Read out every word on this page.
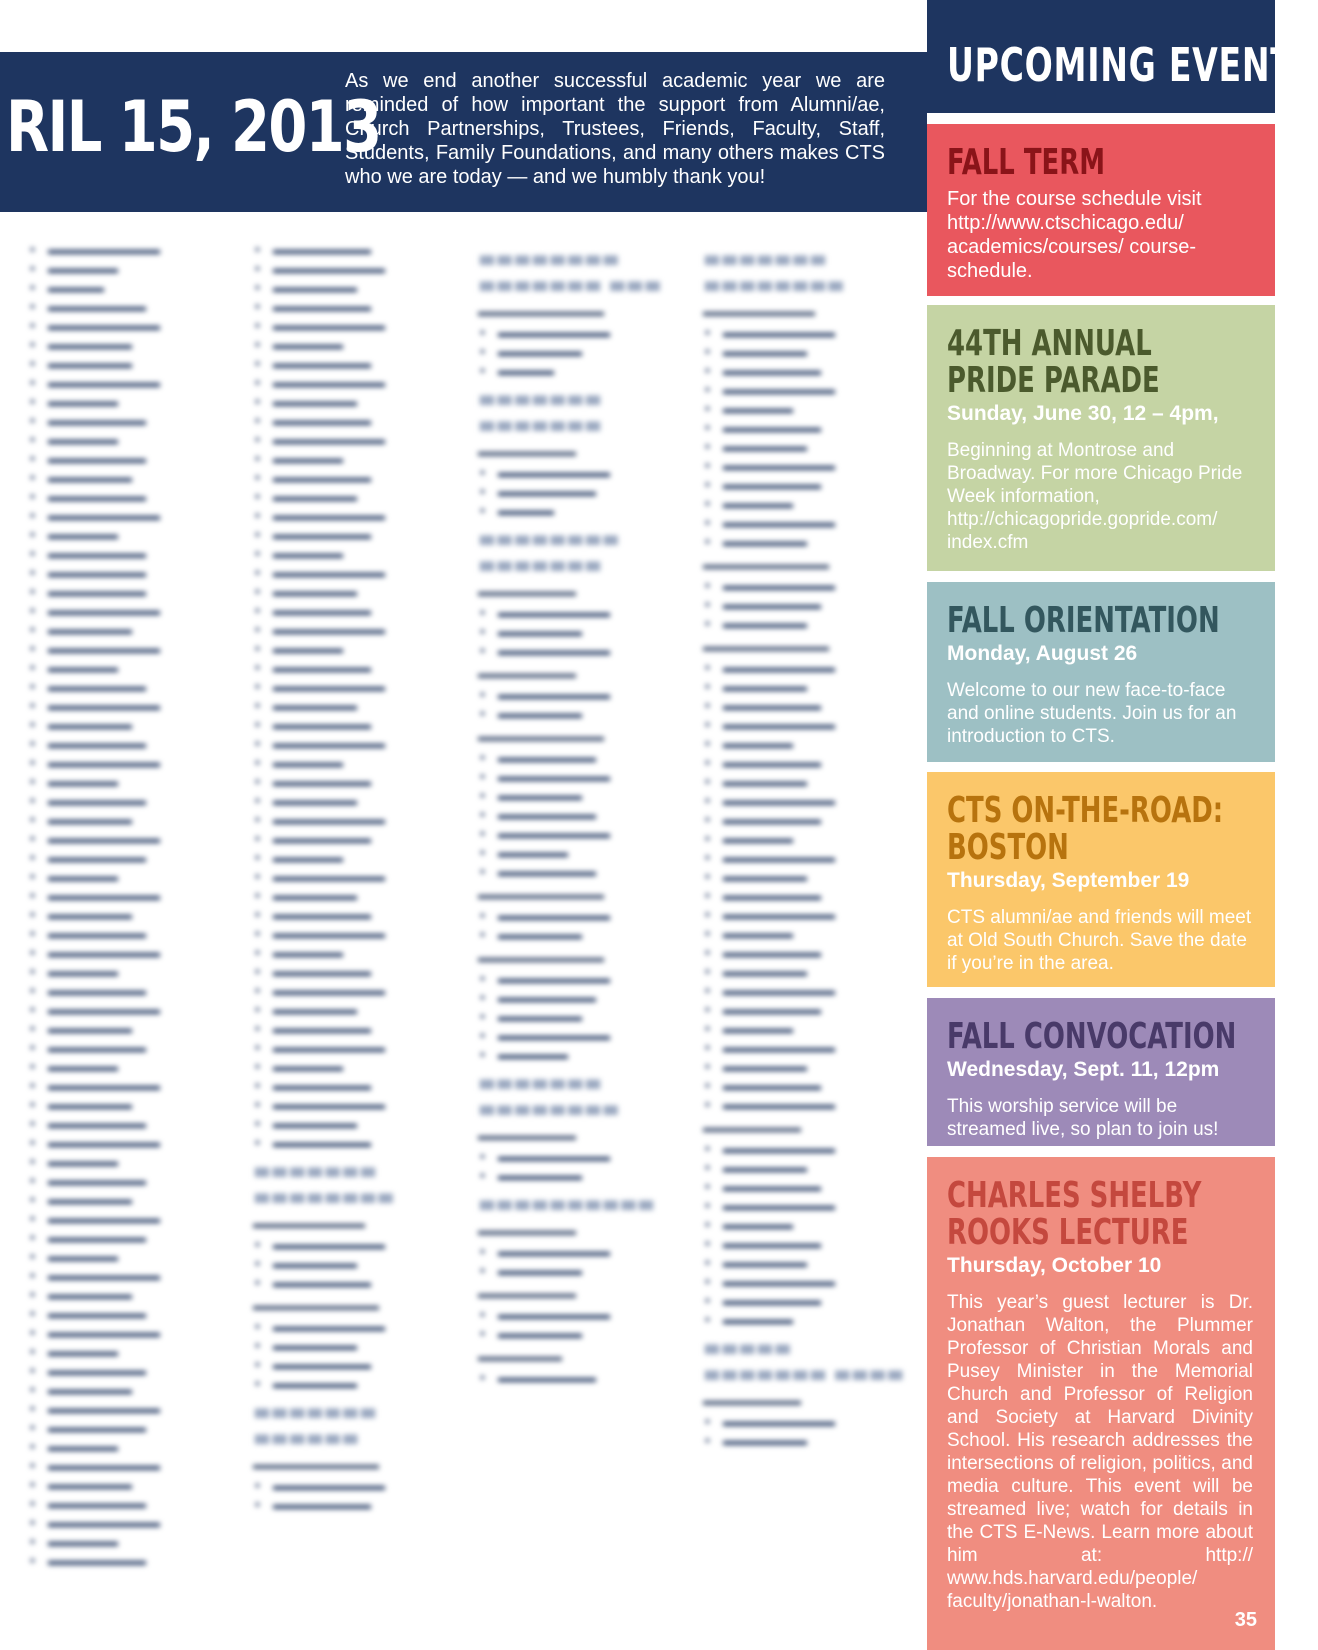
RIL 15, 2013
As we end another successful academic year we are reminded of how important the support from Alumni/ae, Church Partnerships, Trustees, Friends, Faculty, Staff, Students, Family Foundations, and many others makes CTS who we are today — and we humbly thank you!
• ▬▬▬▬▬▬▬▬
• ▬▬▬▬▬
• ▬▬▬▬
• ▬▬▬▬▬▬▬
• ▬▬▬▬▬▬▬▬
• ▬▬▬▬▬▬
• ▬▬▬▬▬▬
• ▬▬▬▬▬▬▬▬
• ▬▬▬▬▬
• ▬▬▬▬▬▬▬
• ▬▬▬▬▬
• ▬▬▬▬▬▬▬
• ▬▬▬▬▬▬
• ▬▬▬▬▬▬▬
• ▬▬▬▬▬▬▬▬
• ▬▬▬▬▬
• ▬▬▬▬▬▬▬
• ▬▬▬▬▬▬▬
• ▬▬▬▬▬▬▬
• ▬▬▬▬▬▬▬▬
• ▬▬▬▬▬▬
• ▬▬▬▬▬▬▬▬
• ▬▬▬▬▬
• ▬▬▬▬▬▬▬
• ▬▬▬▬▬▬▬▬
• ▬▬▬▬▬▬
• ▬▬▬▬▬▬▬
• ▬▬▬▬▬▬▬▬
• ▬▬▬▬▬
• ▬▬▬▬▬▬▬
• ▬▬▬▬▬▬
• ▬▬▬▬▬▬▬▬
• ▬▬▬▬▬▬▬
• ▬▬▬▬▬
• ▬▬▬▬▬▬▬▬
• ▬▬▬▬▬▬
• ▬▬▬▬▬▬▬
• ▬▬▬▬▬▬▬▬
• ▬▬▬▬▬
• ▬▬▬▬▬▬▬
• ▬▬▬▬▬▬▬▬
• ▬▬▬▬▬▬
• ▬▬▬▬▬▬▬
• ▬▬▬▬▬
• ▬▬▬▬▬▬▬▬
• ▬▬▬▬▬▬
• ▬▬▬▬▬▬▬
• ▬▬▬▬▬▬▬▬
• ▬▬▬▬▬
• ▬▬▬▬▬▬▬
• ▬▬▬▬▬▬
• ▬▬▬▬▬▬▬▬
• ▬▬▬▬▬▬▬
• ▬▬▬▬▬
• ▬▬▬▬▬▬▬▬
• ▬▬▬▬▬▬
• ▬▬▬▬▬▬▬
• ▬▬▬▬▬▬▬▬
• ▬▬▬▬▬
• ▬▬▬▬▬▬▬
• ▬▬▬▬▬▬
• ▬▬▬▬▬▬▬▬
• ▬▬▬▬▬▬▬
• ▬▬▬▬▬
• ▬▬▬▬▬▬▬▬
• ▬▬▬▬▬▬
• ▬▬▬▬▬▬▬
• ▬▬▬▬▬▬▬▬
• ▬▬▬▬▬
• ▬▬▬▬▬▬▬
• ▬▬▬▬▬▬▬
• ▬▬▬▬▬▬▬▬
• ▬▬▬▬▬▬
• ▬▬▬▬▬▬▬
• ▬▬▬▬▬▬▬▬
• ▬▬▬▬▬
• ▬▬▬▬▬▬▬
• ▬▬▬▬▬▬▬▬
• ▬▬▬▬▬▬
• ▬▬▬▬▬▬▬
• ▬▬▬▬▬▬▬▬
• ▬▬▬▬▬
• ▬▬▬▬▬▬▬
• ▬▬▬▬▬▬
• ▬▬▬▬▬▬▬▬
• ▬▬▬▬▬▬▬
• ▬▬▬▬▬
• ▬▬▬▬▬▬▬▬
• ▬▬▬▬▬▬
• ▬▬▬▬▬▬▬
• ▬▬▬▬▬▬▬▬
• ▬▬▬▬▬
• ▬▬▬▬▬▬▬
• ▬▬▬▬▬▬▬▬
• ▬▬▬▬▬▬
• ▬▬▬▬▬▬▬
• ▬▬▬▬▬▬▬▬
• ▬▬▬▬▬
• ▬▬▬▬▬▬▬
• ▬▬▬▬▬▬
• ▬▬▬▬▬▬▬▬
• ▬▬▬▬▬▬▬
• ▬▬▬▬▬
• ▬▬▬▬▬▬▬▬
• ▬▬▬▬▬▬
• ▬▬▬▬▬▬▬
• ▬▬▬▬▬▬▬▬
• ▬▬▬▬▬
• ▬▬▬▬▬▬▬
• ▬▬▬▬▬▬▬▬
• ▬▬▬▬▬▬
• ▬▬▬▬▬▬▬
• ▬▬▬▬▬▬▬▬
• ▬▬▬▬▬
• ▬▬▬▬▬▬▬
• ▬▬▬▬▬▬▬▬
• ▬▬▬▬▬▬
• ▬▬▬▬▬▬▬
▬▬▬▬▬▬▬ ▬▬▬▬▬▬▬▬
▬▬▬▬▬▬▬▬
• ▬▬▬▬▬▬▬▬
• ▬▬▬▬▬▬
• ▬▬▬▬▬▬▬
▬▬▬▬▬▬▬▬▬
• ▬▬▬▬▬▬▬▬
• ▬▬▬▬▬▬
• ▬▬▬▬▬▬▬
• ▬▬▬▬▬▬
▬▬▬▬▬▬▬ ▬▬▬▬▬▬
▬▬▬▬▬▬▬▬▬
• ▬▬▬▬▬▬▬▬
• ▬▬▬▬▬▬▬
▬▬▬▬▬▬▬▬ ▬▬▬▬▬▬▬ ▬▬▬
▬▬▬▬▬▬▬▬▬
• ▬▬▬▬▬▬▬▬
• ▬▬▬▬▬▬
• ▬▬▬▬
▬▬▬▬▬▬▬ ▬▬▬▬▬▬▬
▬▬▬▬▬▬▬
• ▬▬▬▬▬▬▬▬
• ▬▬▬▬▬▬▬
• ▬▬▬▬
▬▬▬▬▬▬▬▬ ▬▬▬▬▬▬▬
▬▬▬▬▬▬▬
• ▬▬▬▬▬▬▬▬
• ▬▬▬▬▬▬
• ▬▬▬▬▬▬▬▬
▬▬▬▬▬▬▬
• ▬▬▬▬▬▬▬▬
• ▬▬▬▬▬▬
▬▬▬▬▬▬▬▬▬
• ▬▬▬▬▬▬▬
• ▬▬▬▬▬▬▬▬
• ▬▬▬▬▬▬
• ▬▬▬▬▬▬▬
• ▬▬▬▬▬▬▬▬
• ▬▬▬▬▬
• ▬▬▬▬▬▬▬
▬▬▬▬▬▬▬▬▬
• ▬▬▬▬▬▬▬▬
• ▬▬▬▬▬▬
▬▬▬▬▬▬▬▬▬
• ▬▬▬▬▬▬▬▬
• ▬▬▬▬▬▬▬
• ▬▬▬▬▬▬
• ▬▬▬▬▬▬▬▬
• ▬▬▬▬▬
▬▬▬▬▬▬▬ ▬▬▬▬▬▬▬▬
▬▬▬▬▬▬▬
• ▬▬▬▬▬▬▬▬
• ▬▬▬▬▬▬
▬▬▬▬▬▬▬▬▬▬
▬▬▬▬▬▬▬
• ▬▬▬▬▬▬▬▬
• ▬▬▬▬▬▬
▬▬▬▬▬▬▬
• ▬▬▬▬▬▬▬▬
• ▬▬▬▬▬▬
▬▬▬▬▬▬
• ▬▬▬▬▬▬▬
▬▬▬▬▬▬▬ ▬▬▬▬▬▬▬▬
▬▬▬▬▬▬▬▬
• ▬▬▬▬▬▬▬▬
• ▬▬▬▬▬▬
• ▬▬▬▬▬▬▬
• ▬▬▬▬▬▬▬▬
• ▬▬▬▬▬
• ▬▬▬▬▬▬▬
• ▬▬▬▬▬▬
• ▬▬▬▬▬▬▬▬
• ▬▬▬▬▬▬▬
• ▬▬▬▬▬
• ▬▬▬▬▬▬▬▬
• ▬▬▬▬▬▬
▬▬▬▬▬▬▬▬▬
• ▬▬▬▬▬▬▬▬
• ▬▬▬▬▬▬▬
• ▬▬▬▬▬▬
▬▬▬▬▬▬▬▬▬
• ▬▬▬▬▬▬▬▬
• ▬▬▬▬▬▬
• ▬▬▬▬▬▬▬
• ▬▬▬▬▬▬▬▬
• ▬▬▬▬▬
• ▬▬▬▬▬▬▬
• ▬▬▬▬▬▬
• ▬▬▬▬▬▬▬▬
• ▬▬▬▬▬▬▬
• ▬▬▬▬▬
• ▬▬▬▬▬▬▬▬
• ▬▬▬▬▬▬
• ▬▬▬▬▬▬▬
• ▬▬▬▬▬▬▬▬
• ▬▬▬▬▬
• ▬▬▬▬▬▬▬
• ▬▬▬▬▬▬
• ▬▬▬▬▬▬▬▬
• ▬▬▬▬▬▬▬
• ▬▬▬▬▬
• ▬▬▬▬▬▬▬▬
• ▬▬▬▬▬▬
• ▬▬▬▬▬▬▬
• ▬▬▬▬▬▬▬▬
▬▬▬▬▬▬▬
• ▬▬▬▬▬▬▬▬
• ▬▬▬▬▬▬
• ▬▬▬▬▬▬▬
• ▬▬▬▬▬▬▬▬
• ▬▬▬▬▬
• ▬▬▬▬▬▬▬
• ▬▬▬▬▬▬
• ▬▬▬▬▬▬▬▬
• ▬▬▬▬▬▬▬
• ▬▬▬▬▬
▬▬▬▬▬ ▬▬▬▬▬▬▬ ▬▬▬▬
▬▬▬▬▬▬▬
• ▬▬▬▬▬▬▬▬
• ▬▬▬▬▬▬
UPCOMING EVENTS
FALL TERM
For the course schedule visit http://www.ctschicago.edu/ academics/courses/ course-schedule.
44TH ANNUAL
PRIDE PARADE
Sunday, June 30, 12 – 4pm,
Beginning at Montrose and Broadway. For more Chicago Pride Week information, http://chicagopride.gopride.com/ index.cfm
FALL ORIENTATION
Monday, August 26
Welcome to our new face-to-face and online students. Join us for an introduction to CTS.
CTS ON-THE-ROAD:
BOSTON
Thursday, September 19
CTS alumni/ae and friends will meet at Old South Church. Save the date if you’re in the area.
FALL CONVOCATION
Wednesday, Sept. 11, 12pm
This worship service will be streamed live, so plan to join us!
CHARLES SHELBY
ROOKS LECTURE
Thursday, October 10
This year’s guest lecturer is Dr. Jonathan Walton, the Plummer Professor of Christian Morals and Pusey Minister in the Memorial Church and Professor of Religion and Society at Harvard Divinity School. His research addresses the intersections of religion, politics, and media culture. This event will be streamed live; watch for details in the CTS E-News. Learn more about him at: http:// www.hds.harvard.edu/people/ faculty/jonathan-l-walton.
35
